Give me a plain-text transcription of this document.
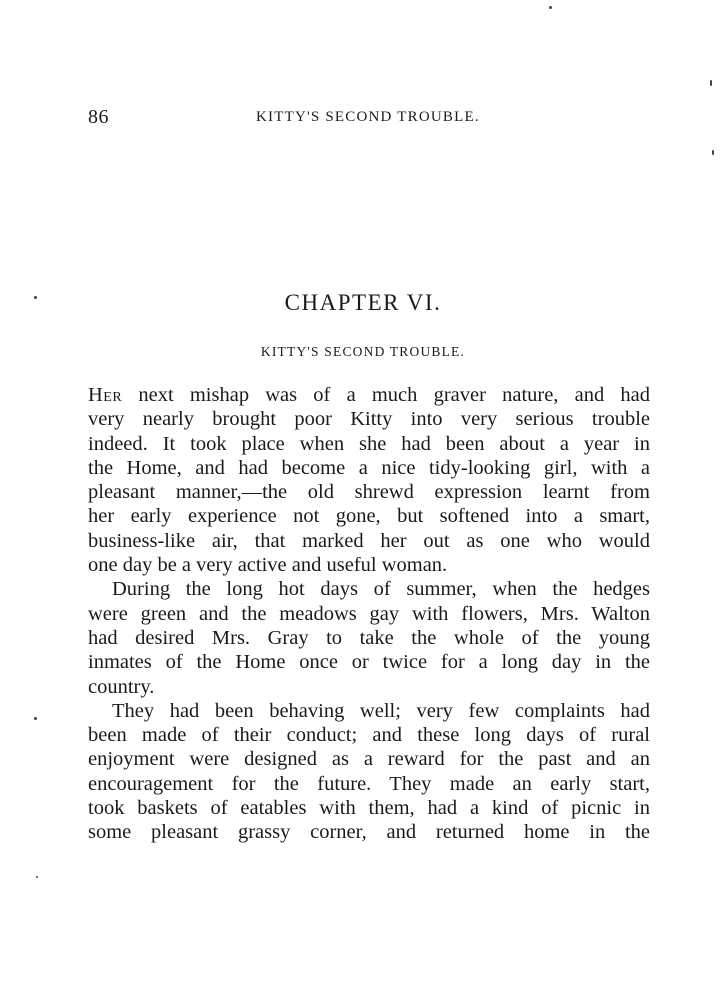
86	KITTY'S SECOND TROUBLE.
CHAPTER VI.
KITTY'S SECOND TROUBLE.

Her next mishap was of a much graver nature, and had
very nearly brought poor Kitty into very serious trouble
indeed. It took place when she had been about a year in
the Home, and had become a nice tidy-looking girl, with a
pleasant manner,—the old shrewd expression learnt from
her early experience not gone, but softened into a smart,
business-like air, that marked her out as one who would
one day be a very active and useful woman.

During the long hot days of summer, when the hedges
were green and the meadows gay with flowers, Mrs. Walton
had desired Mrs. Gray to take the whole of the young
inmates of the Home once or twice for a long day in the
country.

They had been behaving well; very few complaints had
been made of their conduct; and these long days of rural
enjoyment were designed as a reward for the past and an
encouragement for the future. They made an early start,
took baskets of eatables with them, had a kind of picnic in
some pleasant grassy corner, and returned home in the
